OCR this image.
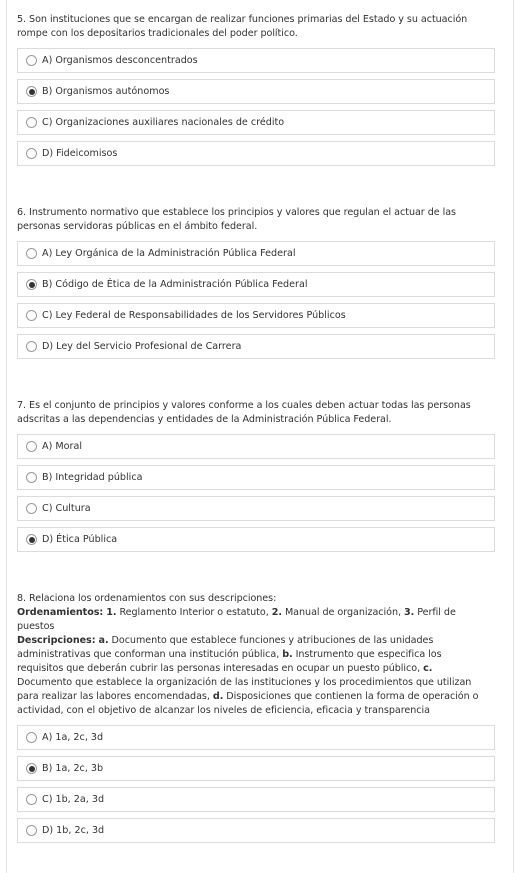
5. Son instituciones que se encargan de realizar funciones primarias del Estado y su actuación
rompe con los depositarios tradicionales del poder político.

A) Organismos desconcentrados
B) Organismos autónomos
C) Organizaciones auxiliares nacionales de crédito
D) Fideicomisos

6. Instrumento normativo que establece los principios y valores que regulan el actuar de las
personas servidoras públicas en el ámbito federal.

A) Ley Orgánica de la Administración Pública Federal
B) Código de Ética de la Administración Pública Federal
C) Ley Federal de Responsabilidades de los Servidores Públicos
D) Ley del Servicio Profesional de Carrera

7. Es el conjunto de principios y valores conforme a los cuales deben actuar todas las personas
adscritas a las dependencias y entidades de la Administración Pública Federal.

A) Moral
B) Integridad pública
C) Cultura
D) Ética Pública

8. Relaciona los ordenamientos con sus descripciones:
Ordenamientos: 1. Reglamento Interior o estatuto, 2. Manual de organización, 3. Perfil de
puestos
Descripciones: a. Documento que establece funciones y atribuciones de las unidades
administrativas que conforman una institución pública, b. Instrumento que especifica los
requisitos que deberán cubrir las personas interesadas en ocupar un puesto público, c.
Documento que establece la organización de las instituciones y los procedimientos que utilizan
para realizar las labores encomendadas, d. Disposiciones que contienen la forma de operación o
actividad, con el objetivo de alcanzar los niveles de eficiencia, eficacia y transparencia

A) 1a, 2c, 3d
B) 1a, 2c, 3b
C) 1b, 2a, 3d
D) 1b, 2c, 3d
